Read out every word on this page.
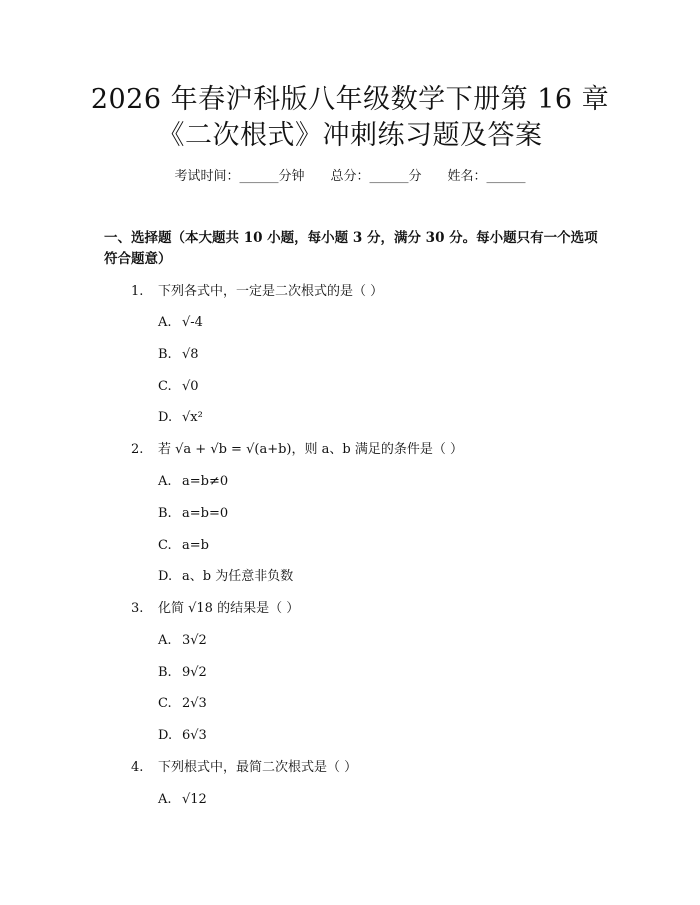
2026 年春沪科版八年级数学下册第 16 章
《二次根式》冲刺练习题及答案
考试时间：______分钟 总分：______分 姓名：______
一、选择题（本大题共 10 小题，每小题 3 分，满分 30 分。每小题只有一个选项符合题意）
1. 下列各式中，一定是二次根式的是（ ）
A. √-4
B. √8
C. √0
D. √x²
2. 若 √a + √b = √(a+b)，则 a、b 满足的条件是（ ）
A. a=b≠0
B. a=b=0
C. a=b
D. a、b 为任意非负数
3. 化简 √18 的结果是（ ）
A. 3√2
B. 9√2
C. 2√3
D. 6√3
4. 下列根式中，最简二次根式是（ ）
A. √12
